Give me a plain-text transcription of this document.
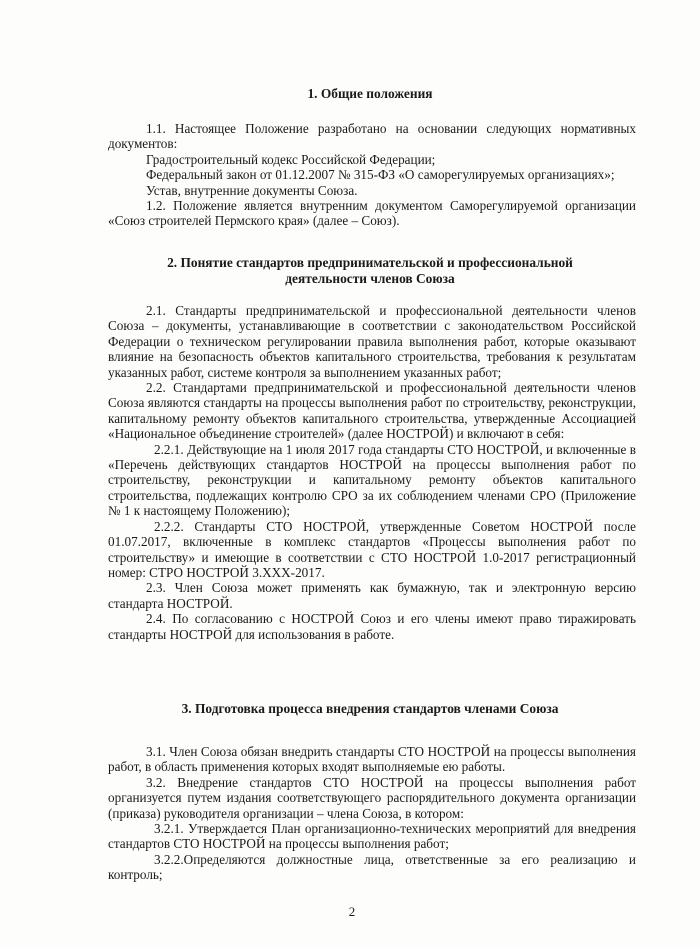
1. Общие положения

1.1. Настоящее Положение разработано на основании следующих нормативных документов:

Градостроительный кодекс Российской Федерации;

Федеральный закон от 01.12.2007 № 315-ФЗ «О саморегулируемых организациях»;

Устав, внутренние документы Союза.

1.2. Положение является внутренним документом Саморегулируемой организации «Союз строителей Пермского края» (далее – Союз).

2. Понятие стандартов предпринимательской и профессиональной
деятельности членов Союза

2.1. Стандарты предпринимательской и профессиональной деятельности членов Союза – документы, устанавливающие в соответствии с законодательством Российской Федерации о техническом регулировании правила выполнения работ, которые оказывают влияние на безопасность объектов капитального строительства, требования к результатам указанных работ, системе контроля за выполнением указанных работ;

2.2. Стандартами предпринимательской и профессиональной деятельности членов Союза являются стандарты на процессы выполнения работ по строительству, реконструкции, капитальному ремонту объектов капитального строительства, утвержденные Ассоциацией «Национальное объединение строителей» (далее НОСТРОЙ) и включают в себя:

2.2.1. Действующие на 1 июля 2017 года стандарты СТО НОСТРОЙ, и включенные в «Перечень действующих стандартов НОСТРОЙ на процессы выполнения работ по строительству, реконструкции и капитальному ремонту объектов капитального строительства, подлежащих контролю СРО за их соблюдением членами СРО (Приложение № 1 к настоящему Положению);

2.2.2. Стандарты СТО НОСТРОЙ, утвержденные Советом НОСТРОЙ после 01.07.2017, включенные в комплекс стандартов «Процессы выполнения работ по строительству» и имеющие в соответствии с СТО НОСТРОЙ 1.0-2017 регистрационный номер: СТРО НОСТРОЙ 3.ХХХ-2017.

2.3. Член Союза может применять как бумажную, так и электронную версию стандарта НОСТРОЙ.

2.4. По согласованию с НОСТРОЙ Союз и его члены имеют право тиражировать стандарты НОСТРОЙ для использования в работе.

3. Подготовка процесса внедрения стандартов членами Союза

3.1. Член Союза обязан внедрить стандарты СТО НОСТРОЙ на процессы выполнения работ, в область применения которых входят выполняемые ею работы.

3.2. Внедрение стандартов СТО НОСТРОЙ на процессы выполнения работ организуется путем издания соответствующего распорядительного документа организации (приказа) руководителя организации – члена Союза, в котором:

3.2.1. Утверждается План организационно-технических мероприятий для внедрения стандартов СТО НОСТРОЙ на процессы выполнения работ;

3.2.2.Определяются должностные лица, ответственные за его реализацию и контроль;

2
